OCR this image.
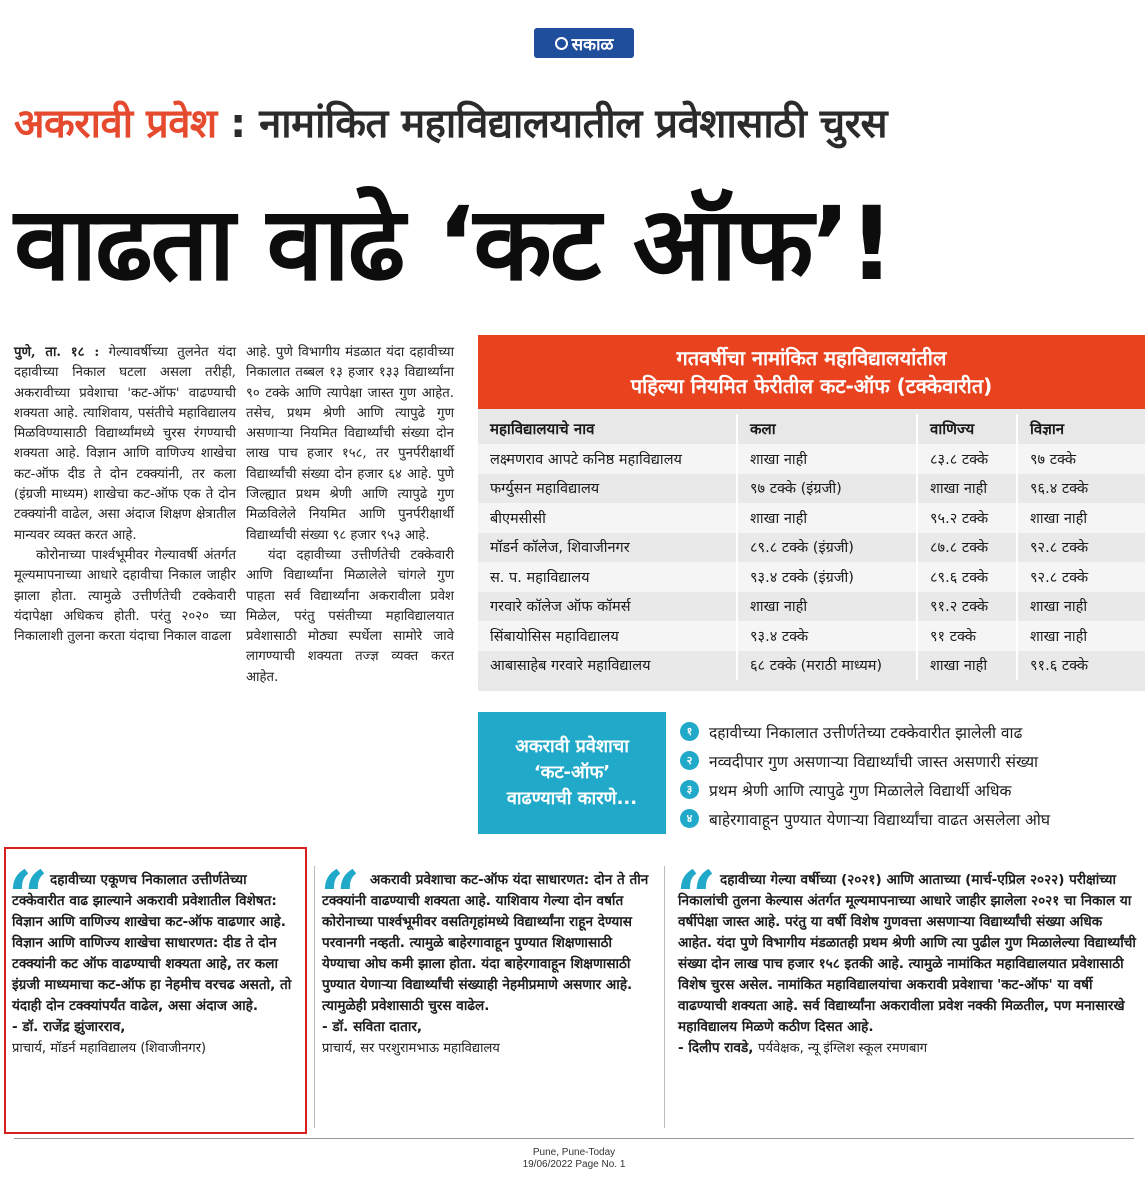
सकाळ
अकरावी प्रवेश : नामांकित महाविद्यालयातील प्रवेशासाठी चुरस
वाढता वाढे ‘कट ऑफ’!

पुणे, ता. १८ : गेल्यावर्षीच्या तुलनेत यंदा दहावीच्या निकाल घटला असला तरीही, अकरावीच्या प्रवेशाचा 'कट-ऑफ' वाढण्याची शक्यता आहे. त्याशिवाय, पसंतीचे महाविद्यालय मिळविण्यासाठी विद्यार्थ्यांमध्ये चुरस रंगण्याची शक्यता आहे. विज्ञान आणि वाणिज्य शाखेचा कट-ऑफ दीड ते दोन टक्क्यांनी, तर कला (इंग्रजी माध्यम) शाखेचा कट-ऑफ एक ते दोन टक्क्यांनी वाढेल, असा अंदाज शिक्षण क्षेत्रातील मान्यवर व्यक्त करत आहे.

कोरोनाच्या पार्श्वभूमीवर गेल्यावर्षी अंतर्गत मूल्यमापनाच्या आधारे दहावीचा निकाल जाहीर झाला होता. त्यामुळे उत्तीर्णतेची टक्केवारी यंदापेक्षा अधिकच होती. परंतु २०२० च्या निकालाशी तुलना करता यंदाचा निकाल वाढला

आहे. पुणे विभागीय मंडळात यंदा दहावीच्या निकालात तब्बल १३ हजार १३३ विद्यार्थ्यांना ९० टक्के आणि त्यापेक्षा जास्त गुण आहेत. तसेच, प्रथम श्रेणी आणि त्यापुढे गुण असणाऱ्या नियमित विद्यार्थ्यांची संख्या दोन लाख पाच हजार १५८, तर पुनर्परीक्षार्थी विद्यार्थ्यांची संख्या दोन हजार ६४ आहे. पुणे जिल्ह्यात प्रथम श्रेणी आणि त्यापुढे गुण मिळविलेले नियमित आणि पुनर्परीक्षार्थी विद्यार्थ्यांची संख्या ९८ हजार ९५३ आहे.

यंदा दहावीच्या उत्तीर्णतेची टक्केवारी आणि विद्यार्थ्यांना मिळालेले चांगले गुण पाहता सर्व विद्यार्थ्यांना अकरावीला प्रवेश मिळेल, परंतु पसंतीच्या महाविद्यालयात प्रवेशासाठी मोठ्या स्पर्धेला सामोरे जावे लागण्याची शक्यता तज्ज्ञ व्यक्त करत आहेत.

गतवर्षीचा नामांकित महाविद्यालयांतील
पहिल्या नियमित फेरीतील कट-ऑफ (टक्केवारीत)
महाविद्यालयाचे नाव	कला	वाणिज्य	विज्ञान
लक्ष्मणराव आपटे कनिष्ठ महाविद्यालय	शाखा नाही	८३.८ टक्के	९७ टक्के
फर्ग्युसन महाविद्यालय	९७ टक्के (इंग्रजी)	शाखा नाही	९६.४ टक्के
बीएमसीसी	शाखा नाही	९५.२ टक्के	शाखा नाही
मॉडर्न कॉलेज, शिवाजीनगर	८९.८ टक्के (इंग्रजी)	८७.८ टक्के	९२.८ टक्के
स. प. महाविद्यालय	९३.४ टक्के (इंग्रजी)	८९.६ टक्के	९२.८ टक्के
गरवारे कॉलेज ऑफ कॉमर्स	शाखा नाही	९१.२ टक्के	शाखा नाही
सिंबायोसिस महाविद्यालय	९३.४ टक्के	९१ टक्के	शाखा नाही
आबासाहेब गरवारे महाविद्यालय	६८ टक्के (मराठी माध्यम)	शाखा नाही	९१.६ टक्के
अकरावी प्रवेशाचा
‘कट-ऑफ’
वाढण्याची कारणे...
१	दहावीच्या निकालात उत्तीर्णतेच्या टक्केवारीत झालेली वाढ
२	नव्वदीपार गुण असणाऱ्या विद्यार्थ्यांची जास्त असणारी संख्या
३	प्रथम श्रेणी आणि त्यापुढे गुण मिळालेले विद्यार्थी अधिक
४	बाहेरगावाहून पुण्यात येणाऱ्या विद्यार्थ्यांचा वाढत असलेला ओघ
“ दहावीच्या एकूणच निकालात उत्तीर्णतेच्या टक्केवारीत वाढ झाल्याने अकरावी प्रवेशातील विशेषत: विज्ञान आणि वाणिज्य शाखेचा कट-ऑफ वाढणार आहे. विज्ञान आणि वाणिज्य शाखेचा साधारणत: दीड ते दोन टक्क्यांनी कट ऑफ वाढण्याची शक्यता आहे, तर कला इंग्रजी माध्यमाचा कट-ऑफ हा नेहमीच वरचढ असतो, तो यंदाही दोन टक्क्यांपर्यंत वाढेल, असा अंदाज आहे.
- डॉ. राजेंद्र झुंजारराव,
प्राचार्य, मॉडर्न महाविद्यालय (शिवाजीनगर)
“ अकरावी प्रवेशाचा कट-ऑफ यंदा साधारणत: दोन ते तीन टक्क्यांनी वाढण्याची शक्यता आहे. याशिवाय गेल्या दोन वर्षात कोरोनाच्या पार्श्वभूमीवर वसतिगृहांमध्ये विद्यार्थ्यांना राहून देण्यास परवानगी नव्हती. त्यामुळे बाहेरगावाहून पुण्यात शिक्षणासाठी येण्याचा ओघ कमी झाला होता. यंदा बाहेरगावाहून शिक्षणासाठी पुण्यात येणाऱ्या विद्यार्थ्यांची संख्याही नेहमीप्रमाणे असणार आहे. त्यामुळेही प्रवेशासाठी चुरस वाढेल.
- डॉ. सविता दातार,
प्राचार्य, सर परशुरामभाऊ महाविद्यालय
“ दहावीच्या गेल्या वर्षीच्या (२०२१) आणि आताच्या (मार्च-एप्रिल २०२२) परीक्षांच्या निकालांची तुलना केल्यास अंतर्गत मूल्यमापनाच्या आधारे जाहीर झालेला २०२१ चा निकाल या वर्षीपेक्षा जास्त आहे. परंतु या वर्षी विशेष गुणवत्ता असणाऱ्या विद्यार्थ्यांची संख्या अधिक आहेत. यंदा पुणे विभागीय मंडळातही प्रथम श्रेणी आणि त्या पुढील गुण मिळालेल्या विद्यार्थ्यांची संख्या दोन लाख पाच हजार १५८ इतकी आहे. त्यामुळे नामांकित महाविद्यालयात प्रवेशासाठी विशेष चुरस असेल. नामांकित महाविद्यालयांचा अकरावी प्रवेशाचा 'कट-ऑफ' या वर्षी वाढण्याची शक्यता आहे. सर्व विद्यार्थ्यांना अकरावीला प्रवेश नक्की मिळतील, पण मनासारखे महाविद्यालय मिळणे कठीण दिसत आहे.
- दिलीप रावडे, पर्यवेक्षक, न्यू इंग्लिश स्कूल रमणबाग
Pune, Pune-Today
19/06/2022 Page No. 1
